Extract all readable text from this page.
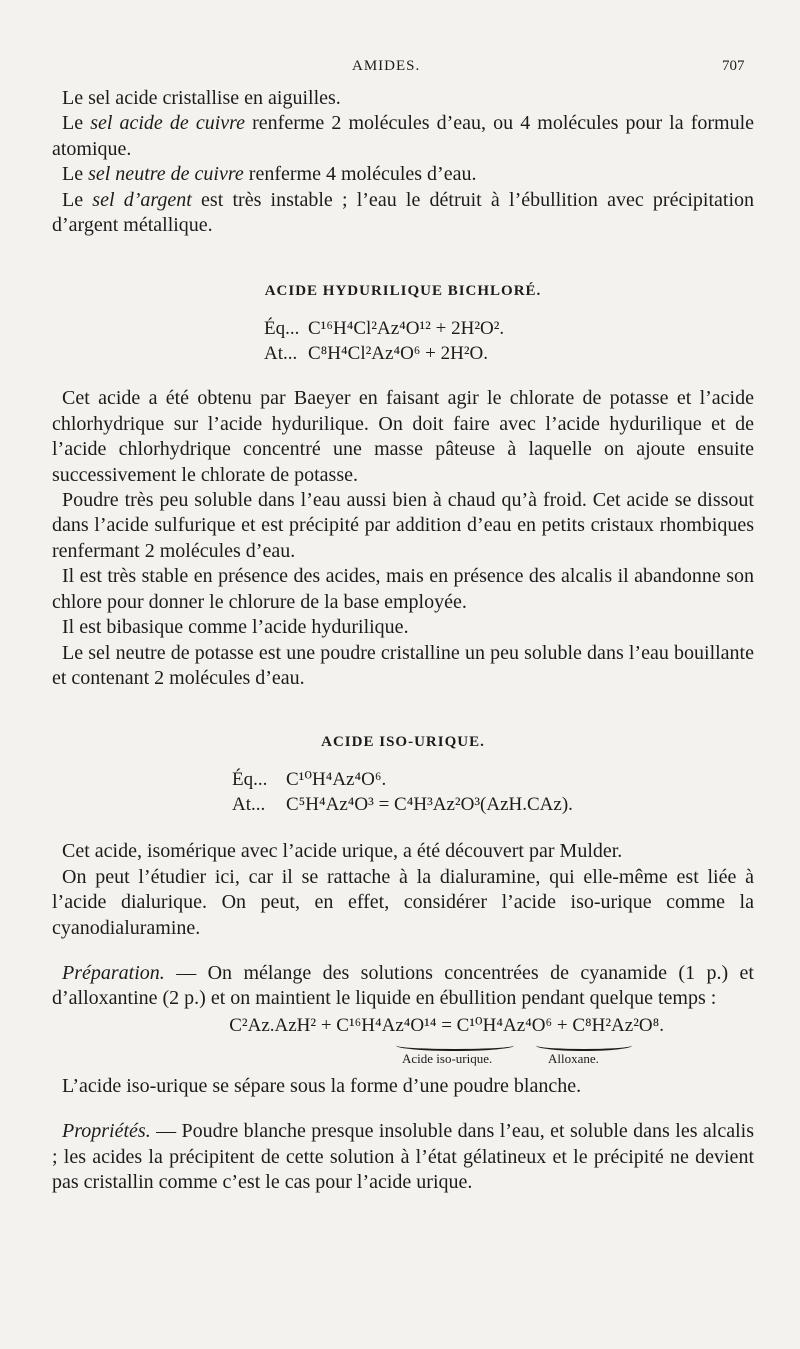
AMIDES.	707

Le sel acide cristallise en aiguilles.

Le sel acide de cuivre renferme 2 molécules d’eau, ou 4 molécules pour la formule atomique.

Le sel neutre de cuivre renferme 4 molécules d’eau.

Le sel d’argent est très instable ; l’eau le détruit à l’ébullition avec précipitation d’argent métallique.

ACIDE HYDURILIQUE BICHLORÉ.
Éq... C¹⁶H⁴Cl²Az⁴O¹² + 2H²O².
At... C⁸H⁴Cl²Az⁴O⁶ + 2H²O.

Cet acide a été obtenu par Baeyer en faisant agir le chlorate de potasse et l’acide chlorhydrique sur l’acide hydurilique. On doit faire avec l’acide hydurilique et de l’acide chlorhydrique concentré une masse pâteuse à laquelle on ajoute ensuite successivement le chlorate de potasse.

Poudre très peu soluble dans l’eau aussi bien à chaud qu’à froid. Cet acide se dissout dans l’acide sulfurique et est précipité par addition d’eau en petits cristaux rhombiques renfermant 2 molécules d’eau.

Il est très stable en présence des acides, mais en présence des alcalis il abandonne son chlore pour donner le chlorure de la base employée.

Il est bibasique comme l’acide hydurilique.

Le sel neutre de potasse est une poudre cristalline un peu soluble dans l’eau bouillante et contenant 2 molécules d’eau.

ACIDE ISO-URIQUE.
Éq... C¹⁰H⁴Az⁴O⁶.
At... C⁵H⁴Az⁴O³ = C⁴H³Az²O³(AzH.CAz).

Cet acide, isomérique avec l’acide urique, a été découvert par Mulder.

On peut l’étudier ici, car il se rattache à la dialuramine, qui elle-même est liée à l’acide dialurique. On peut, en effet, considérer l’acide iso-urique comme la cyanodialuramine.

Préparation. — On mélange des solutions concentrées de cyanamide (1 p.) et d’alloxantine (2 p.) et on maintient le liquide en ébullition pendant quelque temps :

C²Az.AzH² + C¹⁶H⁴Az⁴O¹⁴ = C¹⁰H⁴Az⁴O⁶ + C⁸H²Az²O⁸.
Acide iso-urique.	Alloxane.

L’acide iso-urique se sépare sous la forme d’une poudre blanche.

Propriétés. — Poudre blanche presque insoluble dans l’eau, et soluble dans les alcalis ; les acides la précipitent de cette solution à l’état gélatineux et le précipité ne devient pas cristallin comme c’est le cas pour l’acide urique.
